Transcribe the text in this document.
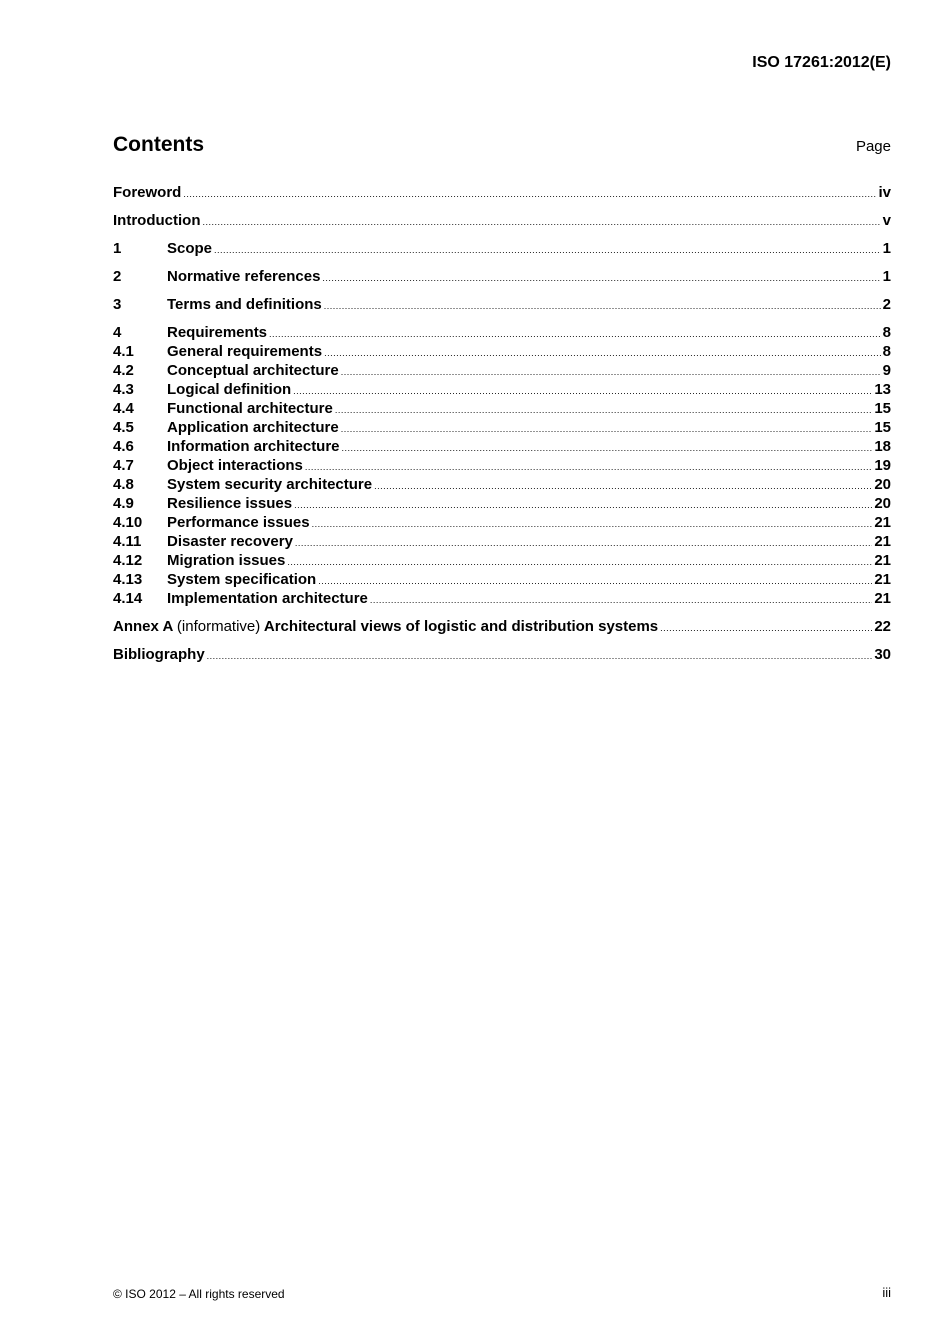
ISO 17261:2012(E)
Contents	Page
Foreword .....	iv
Introduction .....	v
1	Scope .....	1
2	Normative references .....	1
3	Terms and definitions .....	2
4	Requirements .....	8
4.1	General requirements .....	8
4.2	Conceptual architecture .....	9
4.3	Logical definition .....	13
4.4	Functional architecture .....	15
4.5	Application architecture .....	15
4.6	Information architecture .....	18
4.7	Object interactions .....	19
4.8	System security architecture .....	20
4.9	Resilience issues .....	20
4.10	Performance issues .....	21
4.11	Disaster recovery .....	21
4.12	Migration issues .....	21
4.13	System specification .....	21
4.14	Implementation architecture .....	21
Annex A (informative) Architectural views of logistic and distribution systems .....	22
Bibliography .....	30
© ISO 2012 – All rights reserved	iii
